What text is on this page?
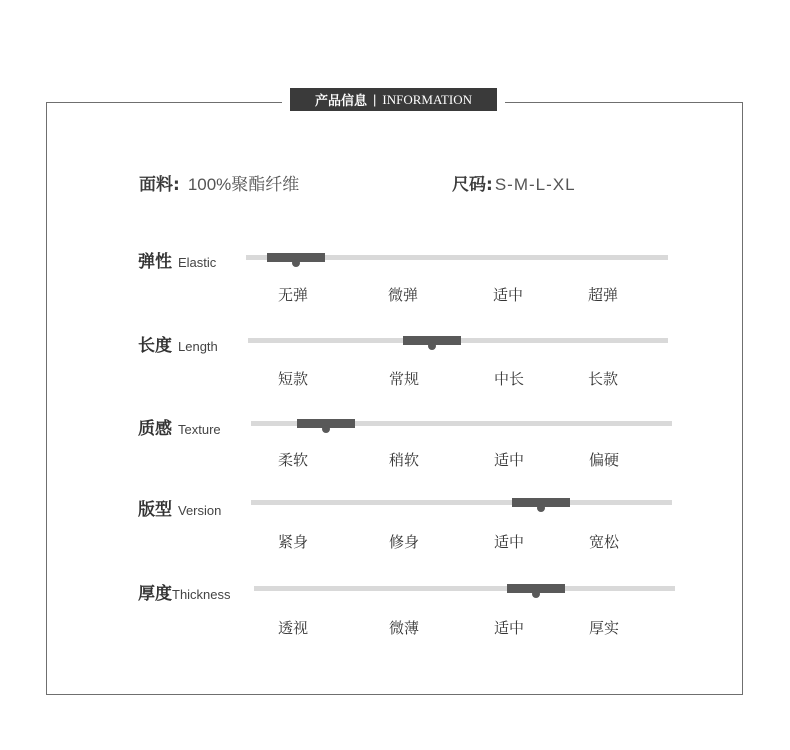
产品信息 | INFORMATION
面料: 100%聚酯纤维	尺码: S-M-L-XL
弹性 Elastic
无弹	微弹	适中	超弹
长度 Length
短款	常规	中长	长款
质感 Texture
柔软	稍软	适中	偏硬
版型 Version
紧身	修身	适中	宽松
厚度 Thickness
透视	微薄	适中	厚实
